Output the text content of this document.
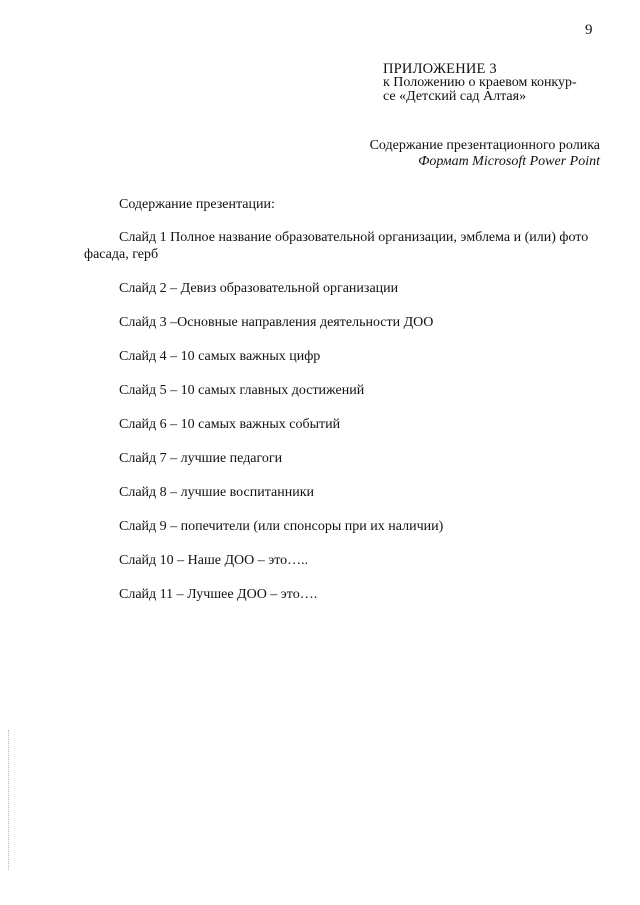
9
ПРИЛОЖЕНИЕ 3
к Положению о краевом конкур-
се «Детский сад Алтая»
Содержание презентационного ролика
Формат Microsoft Power Point

Содержание презентации:

Слайд 1 Полное название образовательной организации, эмблема и (или) фото фасада, герб
Слайд 2 – Девиз образовательной организации
Слайд 3 –Основные направления деятельности ДОО
Слайд 4 – 10 самых важных цифр
Слайд 5 – 10 самых главных достижений
Слайд 6 – 10 самых важных событий
Слайд 7 – лучшие педагоги
Слайд 8 – лучшие воспитанники
Слайд 9 – попечители (или спонсоры при их наличии)
Слайд 10 – Наше ДОО – это…..
Слайд 11 – Лучшее ДОО – это….
